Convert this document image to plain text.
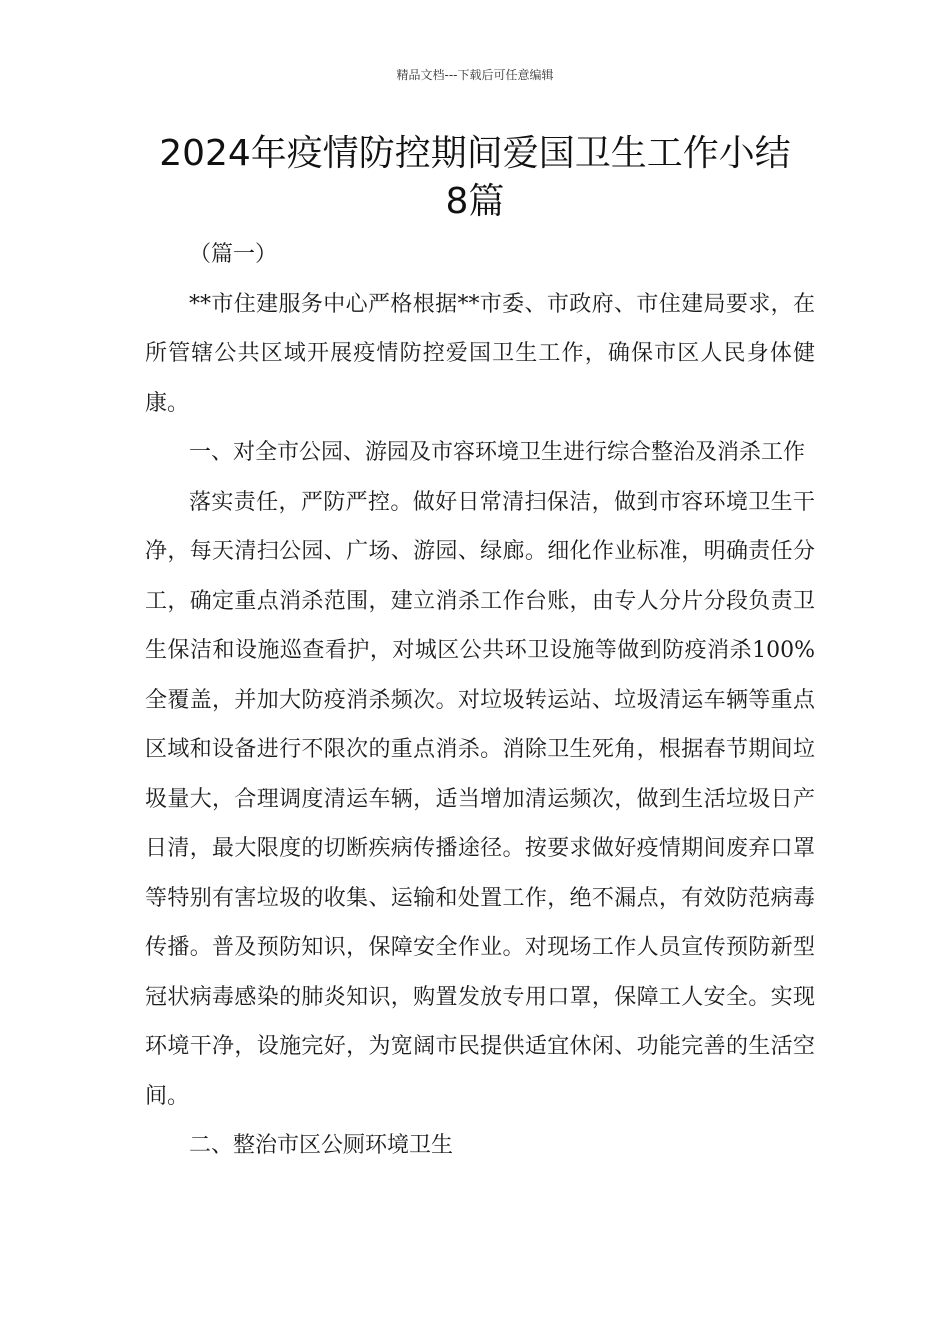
精品文档---下载后可任意编辑
2024年疫情防控期间爱国卫生工作小结
8篇

（篇一）

**市住建服务中心严格根据**市委、市政府、市住建局要求，在所管辖公共区域开展疫情防控爱国卫生工作，确保市区人民身体健康。

一、对全市公园、游园及市容环境卫生进行综合整治及消杀工作

落实责任，严防严控。做好日常清扫保洁，做到市容环境卫生干净，每天清扫公园、广场、游园、绿廊。细化作业标准，明确责任分工，确定重点消杀范围，建立消杀工作台账，由专人分片分段负责卫生保洁和设施巡查看护，对城区公共环卫设施等做到防疫消杀100%全覆盖，并加大防疫消杀频次。对垃圾转运站、垃圾清运车辆等重点区域和设备进行不限次的重点消杀。消除卫生死角，根据春节期间垃圾量大，合理调度清运车辆，适当增加清运频次，做到生活垃圾日产日清，最大限度的切断疾病传播途径。按要求做好疫情期间废弃口罩等特别有害垃圾的收集、运输和处置工作，绝不漏点，有效防范病毒传播。普及预防知识，保障安全作业。对现场工作人员宣传预防新型冠状病毒感染的肺炎知识，购置发放专用口罩，保障工人安全。实现环境干净，设施完好，为宽阔市民提供适宜休闲、功能完善的生活空间。

二、整治市区公厕环境卫生
